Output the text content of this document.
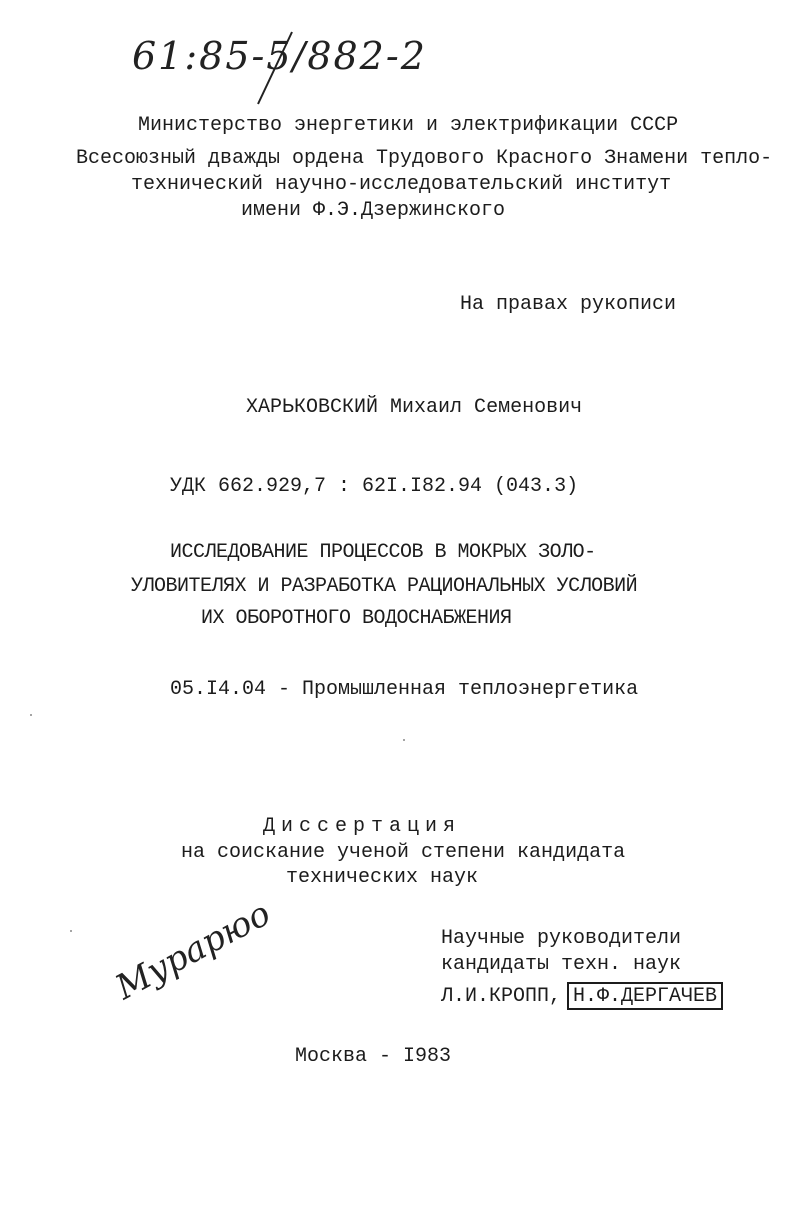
61:85-5/882-2
Министерство энергетики и электрификации СССР
Всесоюзный дважды ордена Трудового Красного Знамени тепло-
технический научно-исследовательский институт
имени Ф.Э.Дзержинского
На правах рукописи
ХАРЬКОВСКИЙ Михаил Семенович
УДК 662.929,7 : 62I.I82.94 (043.3)
ИССЛЕДОВАНИЕ ПРОЦЕССОВ В МОКРЫХ ЗОЛО-
УЛОВИТЕЛЯХ И РАЗРАБОТКА РАЦИОНАЛЬНЫХ УСЛОВИЙ
ИХ ОБОРОТНОГО ВОДОСНАБЖЕНИЯ
05.I4.04 - Промышленная теплоэнергетика
Диссертация
на соискание ученой степени кандидата
технических наук
Научные руководители
кандидаты техн. наук
Л.И.КРОПП, Н.Ф.ДЕРГАЧЕВ
Мурарюо
Москва - I983
